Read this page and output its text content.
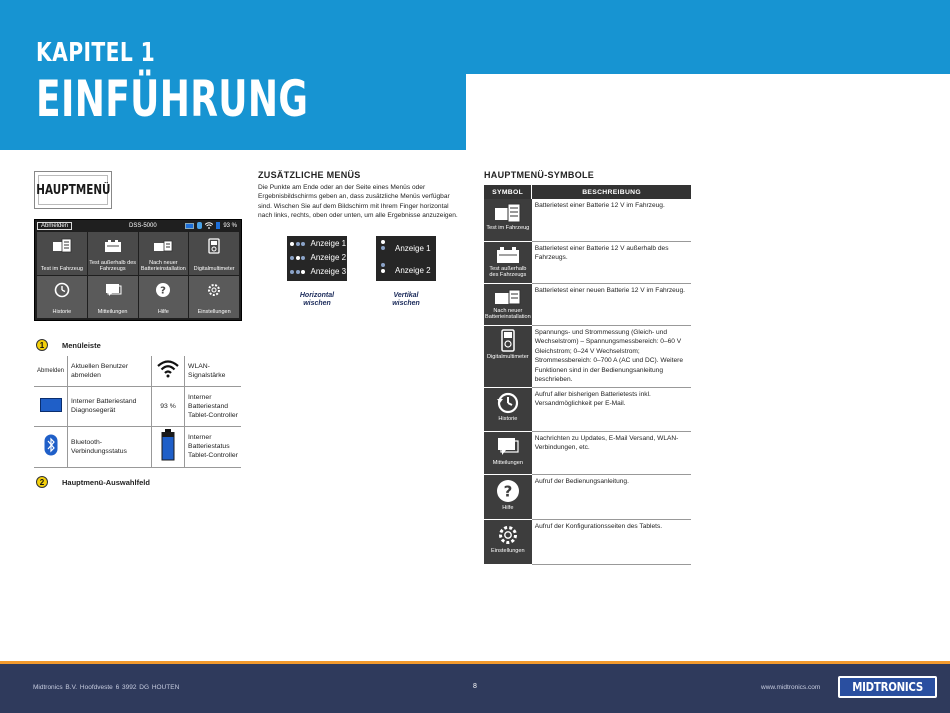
KAPITEL 1
EINFÜHRUNG
HAUPTMENÜ
Abmelden	DSS-5000	93 %
Test im Fahrzeug
Test außerhalb des Fahrzeugs
Nach neuer Batterieinstallation Digitalmultimeter
Historie	Mitteilungen
?
Hilfe	Einstellungen
1	Menüleiste
Abmelden	Aktuellen Benutzer abmelden		WLAN-Signalstärke
	Interner Batteriestand Diagnosegerät	93 %	Interner Batteriestand Tablet-Controller
	Bluetooth-Verbindungsstatus		Interner Batteriestatus Tablet-Controller
2	Hauptmenü-Auswahlfeld
ZUSÄTZLICHE MENÜS
Die Punkte am Ende oder an der Seite eines Menüs oder Ergebnisbildschirms geben an, dass zusätzliche Menüs verfügbar sind. Wischen Sie auf dem Bildschirm mit Ihrem Finger horizontal nach links, rechts, oben oder unten, um alle Ergebnisse anzuzeigen.
Anzeige 1
Anzeige 2
Anzeige 3
Horizontal
wischen
Anzeige 1
Anzeige 2
Vertikal
wischen
HAUPTMENÜ-SYMBOLE
SYMBOL	BESCHREIBUNG

Test im Fahrzeug	Batterietest einer Batterie 12 V im Fahrzeug.

Test außerhalb des Fahrzeugs	Batterietest einer Batterie 12 V außerhalb des Fahrzeugs.

Nach neuer Batterieinstallation	Batterietest einer neuen Batterie 12 V im Fahrzeug.

Digitalmultimeter	Spannungs- und Strommessung (Gleich- und Wechselstrom) – Spannungsmessbereich: 0–60 V Gleichstrom; 0–24 V Wechselstrom; Strommessbereich: 0–700 A (AC und DC). Weitere Funktionen sind in der Bedienungsanleitung beschrieben.

Historie	Aufruf aller bisherigen Batterietests inkl. Versandmöglichkeit per E-Mail.

Mitteilungen	Nachrichten zu Updates, E-Mail Versand, WLAN-Verbindungen, etc.

?
Hilfe	Aufruf der Bedienungsanleitung.

Einstellungen	Aufruf der Konfigurationsseiten des Tablets.
Midtronics B.V. Hoofdveste 6 3992 DG HOUTEN	8	www.midtronics.com	MIDTRONICS
